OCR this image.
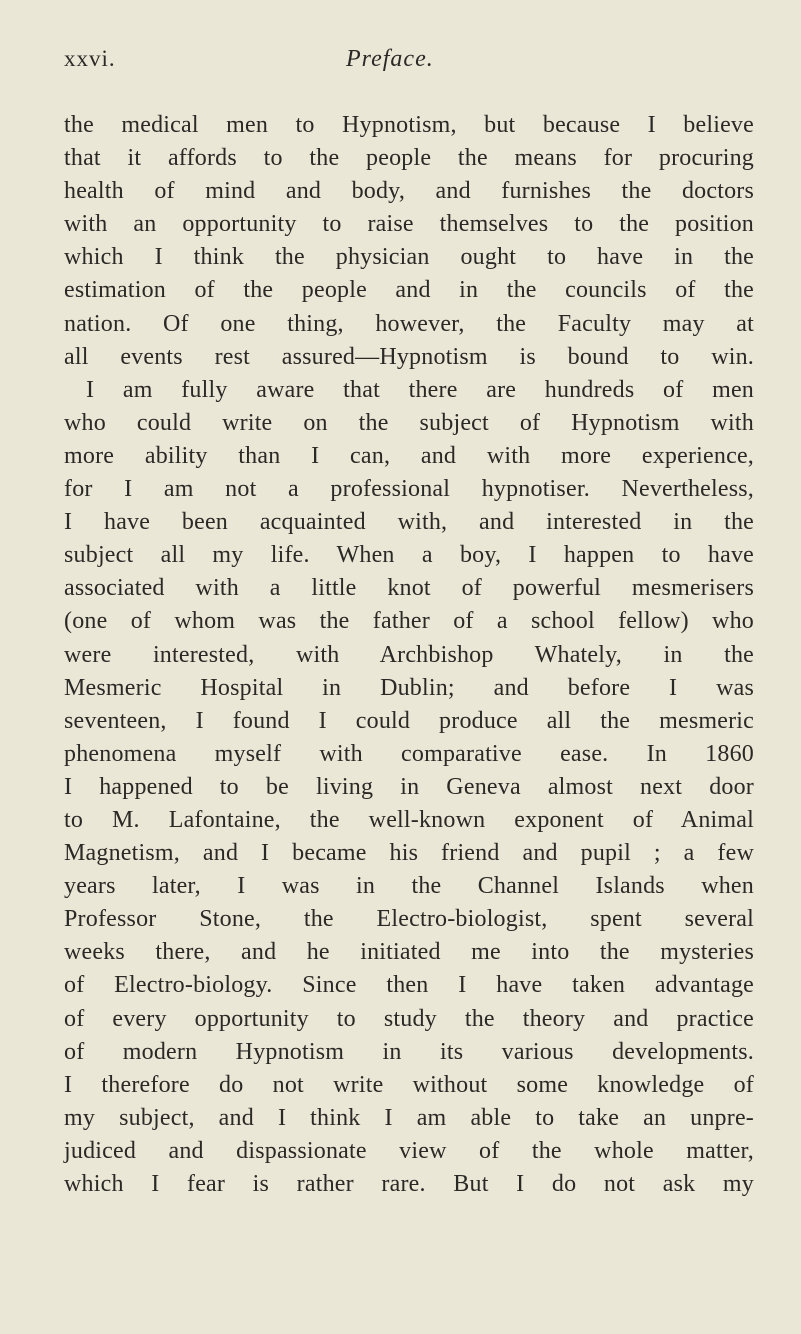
xxvi.	Preface.
the medical men to Hypnotism, but because I believe
that it affords to the people the means for procuring
health of mind and body, and furnishes the doctors
with an opportunity to raise themselves to the position
which I think the physician ought to have in the
estimation of the people and in the councils of the
nation. Of one thing, however, the Faculty may at
all events rest assured—Hypnotism is bound to win.
I am fully aware that there are hundreds of men
who could write on the subject of Hypnotism with
more ability than I can, and with more experience,
for I am not a professional hypnotiser. Nevertheless,
I have been acquainted with, and interested in the
subject all my life. When a boy, I happen to have
associated with a little knot of powerful mesmerisers
(one of whom was the father of a school fellow) who
were interested, with Archbishop Whately, in the
Mesmeric Hospital in Dublin; and before I was
seventeen, I found I could produce all the mesmeric
phenomena myself with comparative ease. In 1860
I happened to be living in Geneva almost next door
to M. Lafontaine, the well-known exponent of Animal
Magnetism, and I became his friend and pupil ; a few
years later, I was in the Channel Islands when
Professor Stone, the Electro-biologist, spent several
weeks there, and he initiated me into the mysteries
of Electro-biology. Since then I have taken advantage
of every opportunity to study the theory and practice
of modern Hypnotism in its various developments.
I therefore do not write without some knowledge of
my subject, and I think I am able to take an unpre-
judiced and dispassionate view of the whole matter,
which I fear is rather rare. But I do not ask my
